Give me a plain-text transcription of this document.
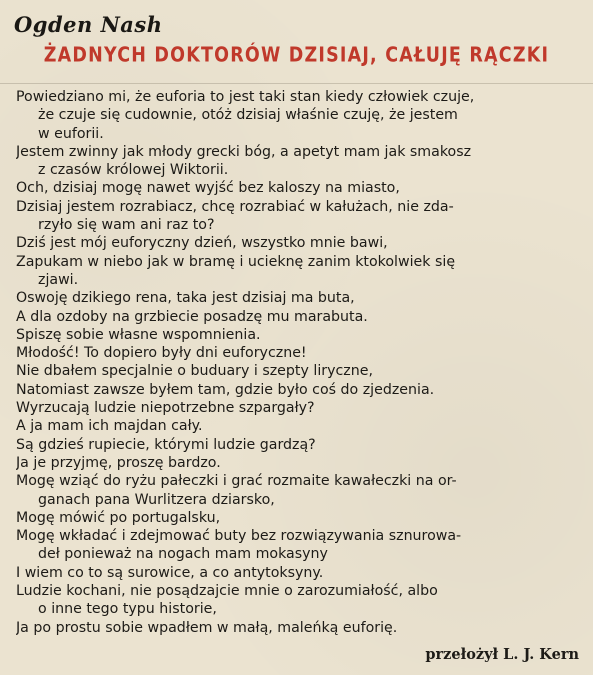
Ogden Nash
ŻADNYCH DOKTORÓW DZISIAJ, CAŁUJĘ RĄCZKI
Powiedziano mi, że euforia to jest taki stan kiedy człowiek czuje,
że czuje się cudownie, otóż dzisiaj właśnie czuję, że jestem
w euforii.
Jestem zwinny jak młody grecki bóg, a apetyt mam jak smakosz
z czasów królowej Wiktorii.
Och, dzisiaj mogę nawet wyjść bez kaloszy na miasto,
Dzisiaj jestem rozrabiacz, chcę rozrabiać w kałużach, nie zda-
rzyło się wam ani raz to?
Dziś jest mój euforyczny dzień, wszystko mnie bawi,
Zapukam w niebo jak w bramę i ucieknę zanim ktokolwiek się
zjawi.
Oswoję dzikiego rena, taka jest dzisiaj ma buta,
A dla ozdoby na grzbiecie posadzę mu marabuta.
Spiszę sobie własne wspomnienia.
Młodość! To dopiero były dni euforyczne!
Nie dbałem specjalnie o buduary i szepty liryczne,
Natomiast zawsze byłem tam, gdzie było coś do zjedzenia.
Wyrzucają ludzie niepotrzebne szpargały?
A ja mam ich majdan cały.
Są gdzieś rupiecie, którymi ludzie gardzą?
Ja je przyjmę, proszę bardzo.
Mogę wziąć do ryżu pałeczki i grać rozmaite kawałeczki na or-
ganach pana Wurlitzera dziarsko,
Mogę mówić po portugalsku,
Mogę wkładać i zdejmować buty bez rozwiązywania sznurowa-
deł ponieważ na nogach mam mokasyny
I wiem co to są surowice, a co antytoksyny.
Ludzie kochani, nie posądzajcie mnie o zarozumiałość, albo
o inne tego typu historie,
Ja po prostu sobie wpadłem w małą, maleńką euforię.
przełożył L. J. Kern
